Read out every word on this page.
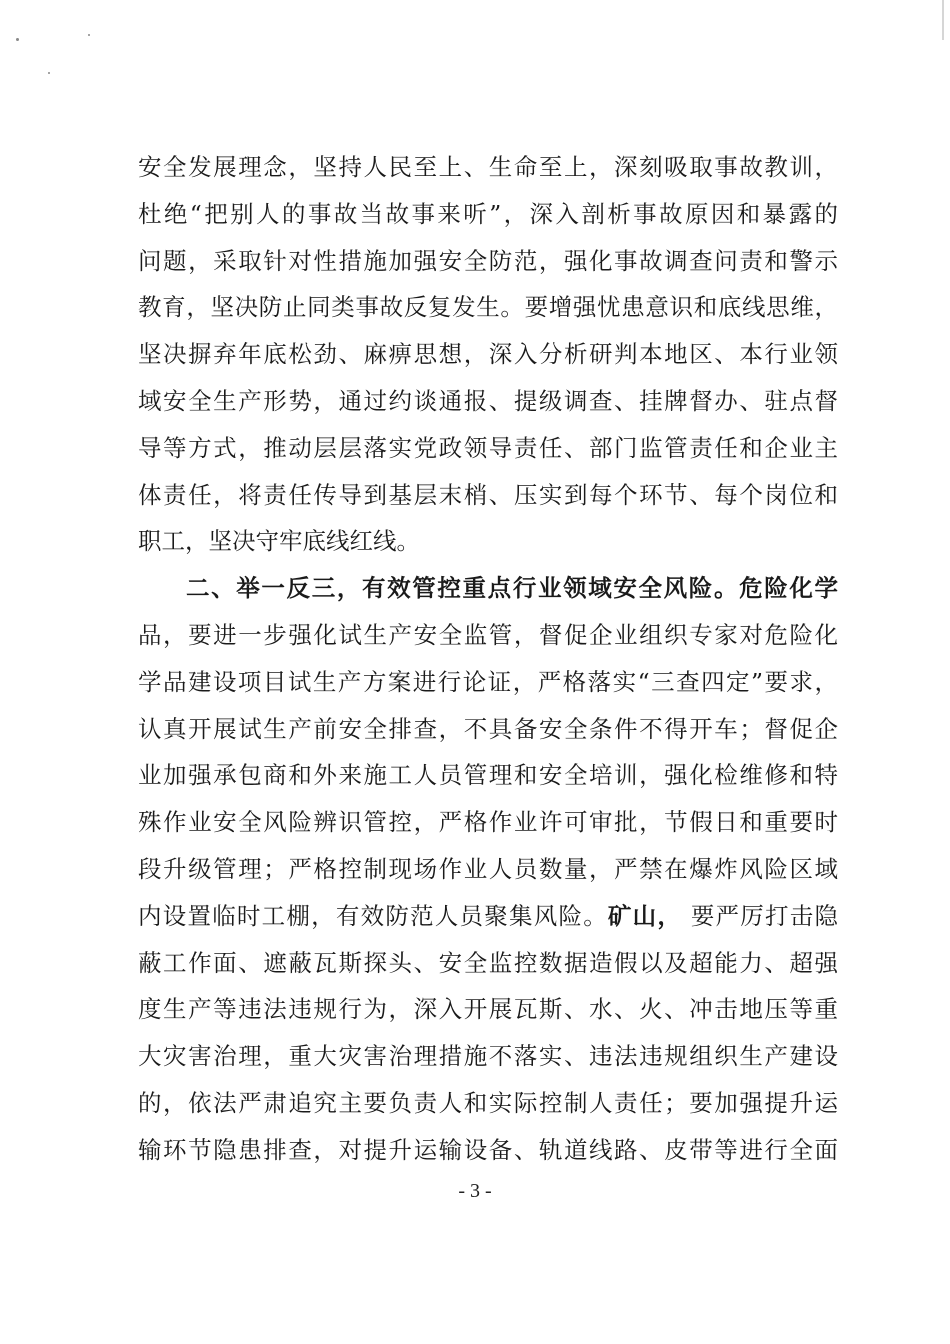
安全发展理念，坚持人民至上、生命至上，深刻吸取事故教训，
杜绝“把别人的事故当故事来听”，深入剖析事故原因和暴露的
问题，采取针对性措施加强安全防范，强化事故调查问责和警示
教育，坚决防止同类事故反复发生。要增强忧患意识和底线思维，
坚决摒弃年底松劲、麻痹思想，深入分析研判本地区、本行业领
域安全生产形势，通过约谈通报、提级调查、挂牌督办、驻点督
导等方式，推动层层落实党政领导责任、部门监管责任和企业主
体责任，将责任传导到基层末梢、压实到每个环节、每个岗位和
职工，坚决守牢底线红线。
二、举一反三，有效管控重点行业领域安全风险。危险化学
品，要进一步强化试生产安全监管，督促企业组织专家对危险化
学品建设项目试生产方案进行论证，严格落实“三查四定”要求，
认真开展试生产前安全排查，不具备安全条件不得开车；督促企
业加强承包商和外来施工人员管理和安全培训，强化检维修和特
殊作业安全风险辨识管控，严格作业许可审批，节假日和重要时
段升级管理；严格控制现场作业人员数量，严禁在爆炸风险区域
内设置临时工棚，有效防范人员聚集风险。矿山， 要严厉打击隐
蔽工作面、遮蔽瓦斯探头、安全监控数据造假以及超能力、超强
度生产等违法违规行为，深入开展瓦斯、水、火、冲击地压等重
大灾害治理，重大灾害治理措施不落实、违法违规组织生产建设
的，依法严肃追究主要负责人和实际控制人责任；要加强提升运
输环节隐患排查，对提升运输设备、轨道线路、皮带等进行全面
- 3 -
